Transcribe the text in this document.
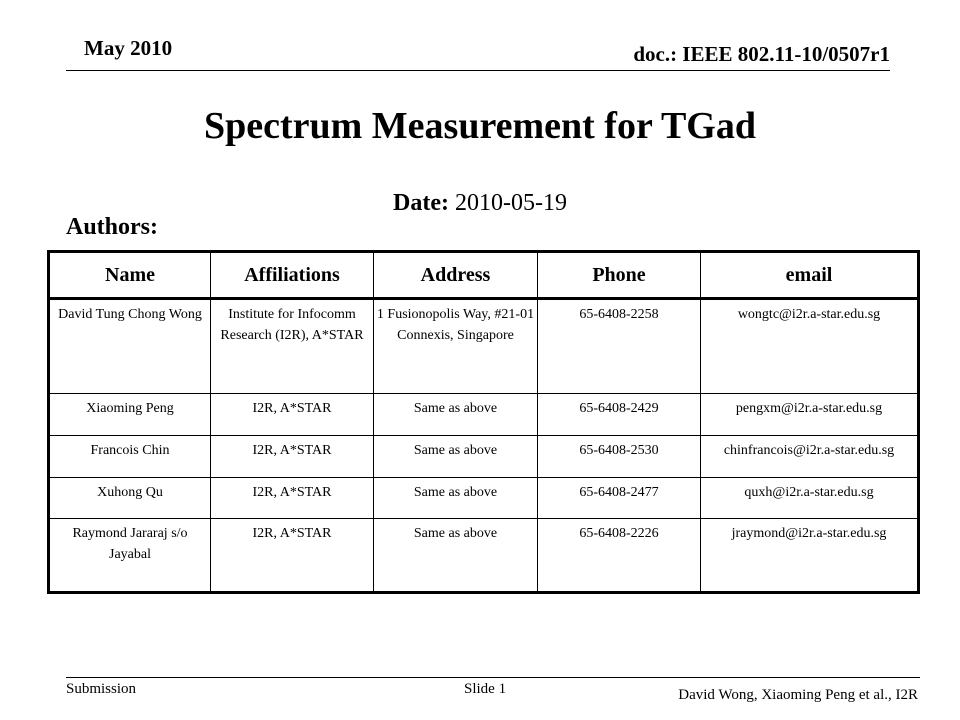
May 2010	doc.: IEEE 802.11-10/0507r1
Spectrum Measurement for TGad
Date: 2010-05-19
Authors:
Name	Affiliations	Address	Phone	email
David Tung Chong Wong	Institute for Infocomm Research (I2R), A*STAR	1 Fusionopolis Way, #21-01 Connexis, Singapore	65-6408-2258	wongtc@i2r.a-star.edu.sg
Xiaoming Peng	I2R, A*STAR	Same as above	65-6408-2429	pengxm@i2r.a-star.edu.sg
Francois Chin	I2R, A*STAR	Same as above	65-6408-2530	chinfrancois@i2r.a-star.edu.sg
Xuhong Qu	I2R, A*STAR	Same as above	65-6408-2477	quxh@i2r.a-star.edu.sg
Raymond Jararaj s/o Jayabal	I2R, A*STAR	Same as above	65-6408-2226	jraymond@i2r.a-star.edu.sg
Submission	Slide 1	David Wong, Xiaoming Peng et al., I2R
